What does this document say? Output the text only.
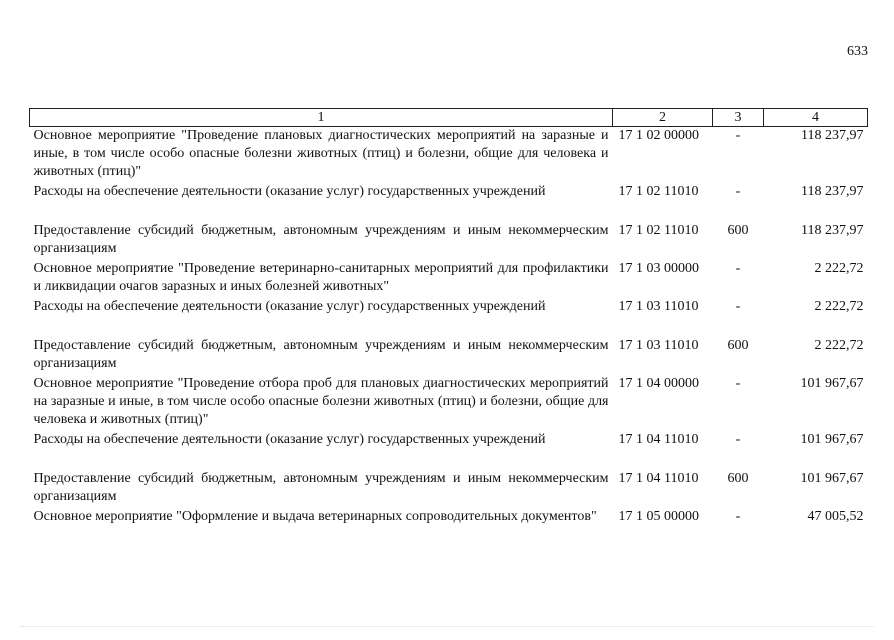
633
1	2	3	4
Основное мероприятие "Проведение плановых диагностических мероприятий на заразные и иные, в том числе особо опасные болезни животных (птиц) и болезни, общие для человека и животных (птиц)"	17 1 02 00000	-	118 237,97
Расходы на обеспечение деятельности (оказание услуг) государственных учреждений	17 1 02 11010	-	118 237,97
Предоставление субсидий бюджетным, автономным учреждениям и иным некоммерческим организациям	17 1 02 11010	600	118 237,97
Основное мероприятие "Проведение ветеринарно-санитарных мероприятий для профилактики и ликвидации очагов заразных и иных болезней животных"	17 1 03 00000	-	2 222,72
Расходы на обеспечение деятельности (оказание услуг) государственных учреждений	17 1 03 11010	-	2 222,72
Предоставление субсидий бюджетным, автономным учреждениям и иным некоммерческим организациям	17 1 03 11010	600	2 222,72
Основное мероприятие "Проведение отбора проб для плановых диагностических мероприятий на заразные и иные, в том числе особо опасные болезни животных (птиц) и болезни, общие для человека и животных (птиц)"	17 1 04 00000	-	101 967,67
Расходы на обеспечение деятельности (оказание услуг) государственных учреждений	17 1 04 11010	-	101 967,67
Предоставление субсидий бюджетным, автономным учреждениям и иным некоммерческим организациям	17 1 04 11010	600	101 967,67
Основное мероприятие "Оформление и выдача ветеринарных сопроводительных документов"	17 1 05 00000	-	47 005,52
